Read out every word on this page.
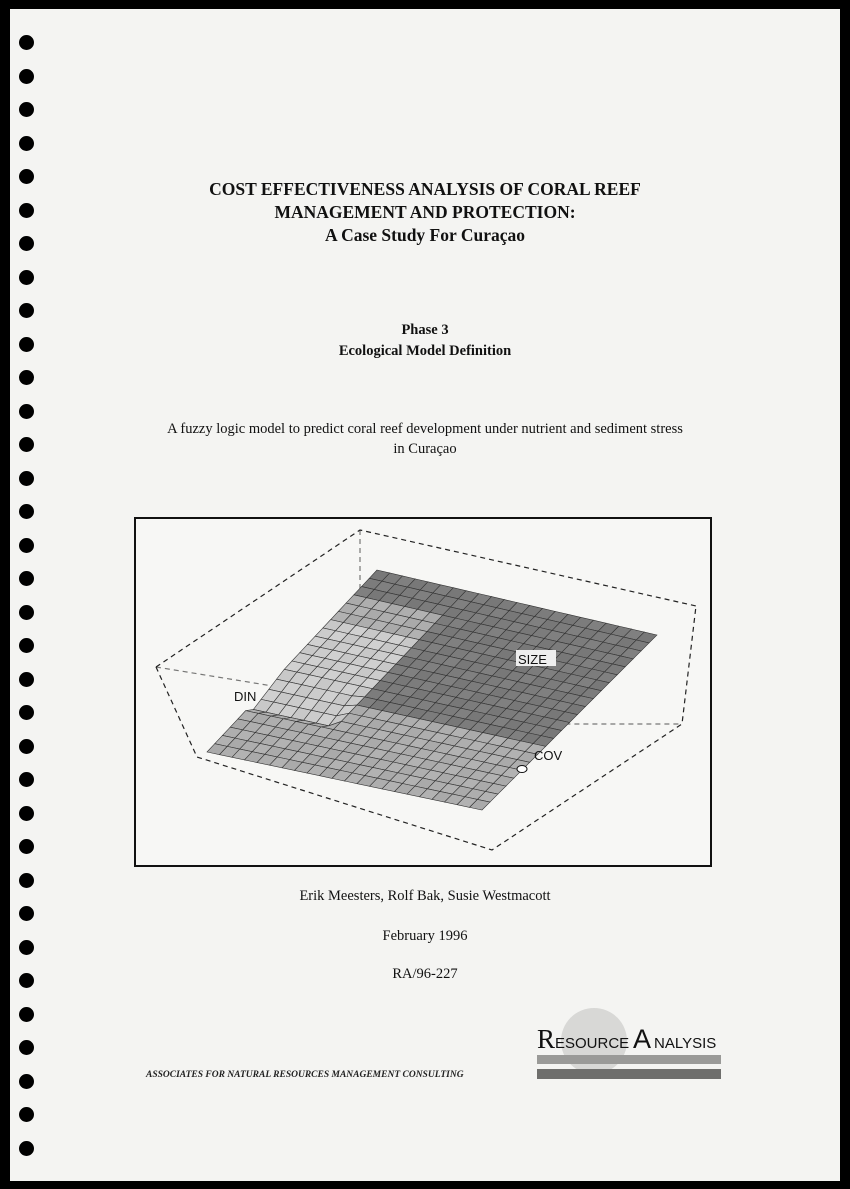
COST EFFECTIVENESS ANALYSIS OF CORAL REEF
MANAGEMENT AND PROTECTION:
A Case Study For Curaçao
Phase 3
Ecological Model Definition
A fuzzy logic model to predict coral reef development under nutrient and sediment stress
in Curaçao
DIN
SIZE
COV
Erik Meesters, Rolf Bak, Susie Westmacott
February 1996
RA/96-227
ASSOCIATES FOR NATURAL RESOURCES MANAGEMENT CONSULTING
R ESOURCE A NALYSIS
